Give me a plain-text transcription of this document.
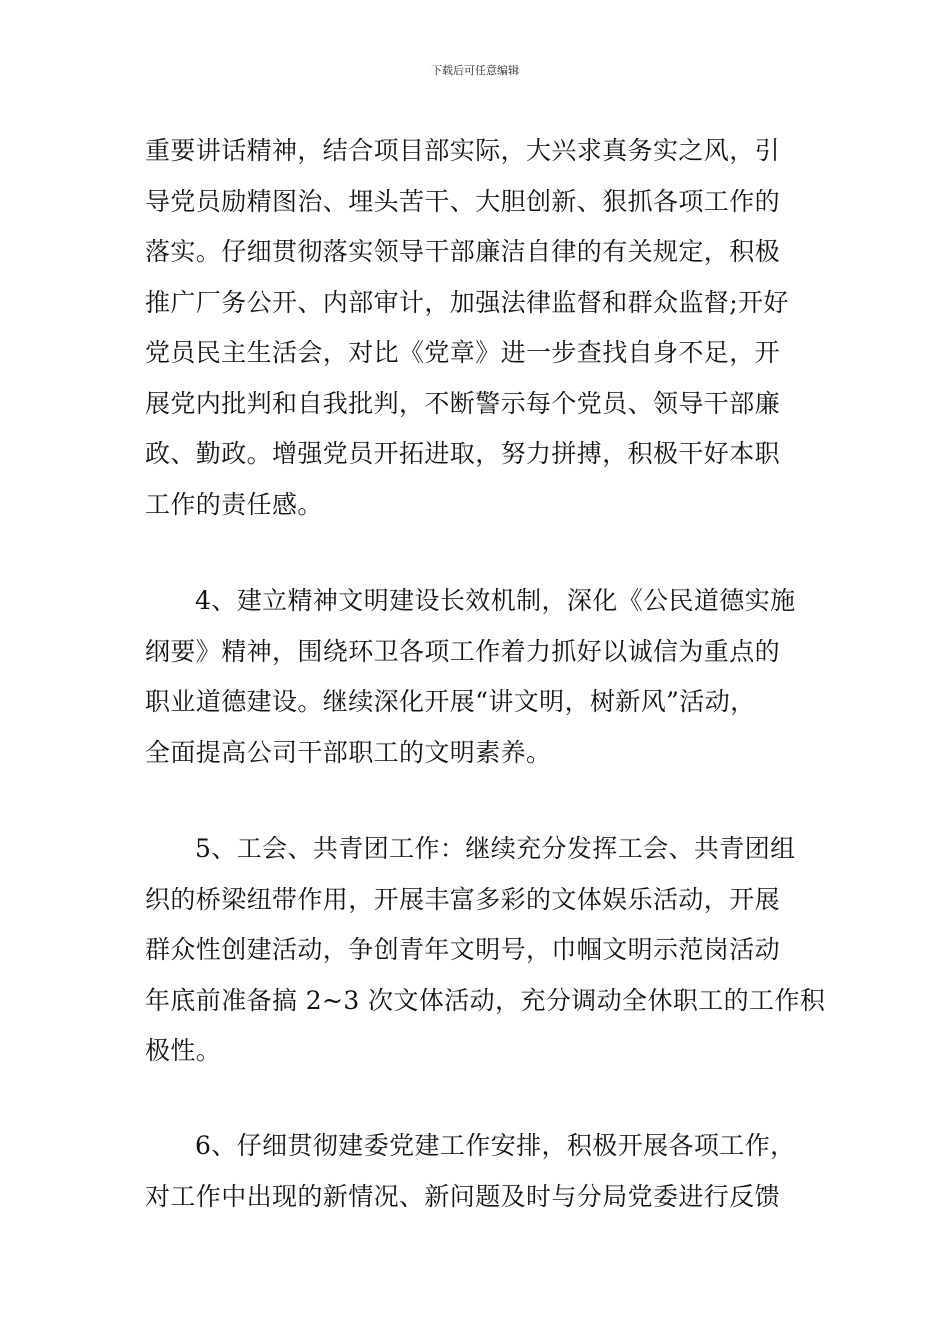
下载后可任意编辑
重要讲话精神，结合项目部实际，大兴求真务实之风，引
导党员励精图治、埋头苦干、大胆创新、狠抓各项工作的
落实。仔细贯彻落实领导干部廉洁自律的有关规定，积极
推广厂务公开、内部审计，加强法律监督和群众监督;开好
党员民主生活会，对比《党章》进一步查找自身不足，开
展党内批判和自我批判，不断警示每个党员、领导干部廉
政、勤政。增强党员开拓进取，努力拼搏，积极干好本职
工作的责任感。
4、建立精神文明建设长效机制，深化《公民道德实施
纲要》精神，围绕环卫各项工作着力抓好以诚信为重点的
职业道德建设。继续深化开展“讲文明，树新风”活动，
全面提高公司干部职工的文明素养。
5、工会、共青团工作：继续充分发挥工会、共青团组
织的桥梁纽带作用，开展丰富多彩的文体娱乐活动，开展
群众性创建活动，争创青年文明号，巾帼文明示范岗活动
年底前准备搞 2~3 次文体活动，充分调动全休职工的工作积
极性。
6、仔细贯彻建委党建工作安排，积极开展各项工作，
对工作中出现的新情况、新问题及时与分局党委进行反馈
